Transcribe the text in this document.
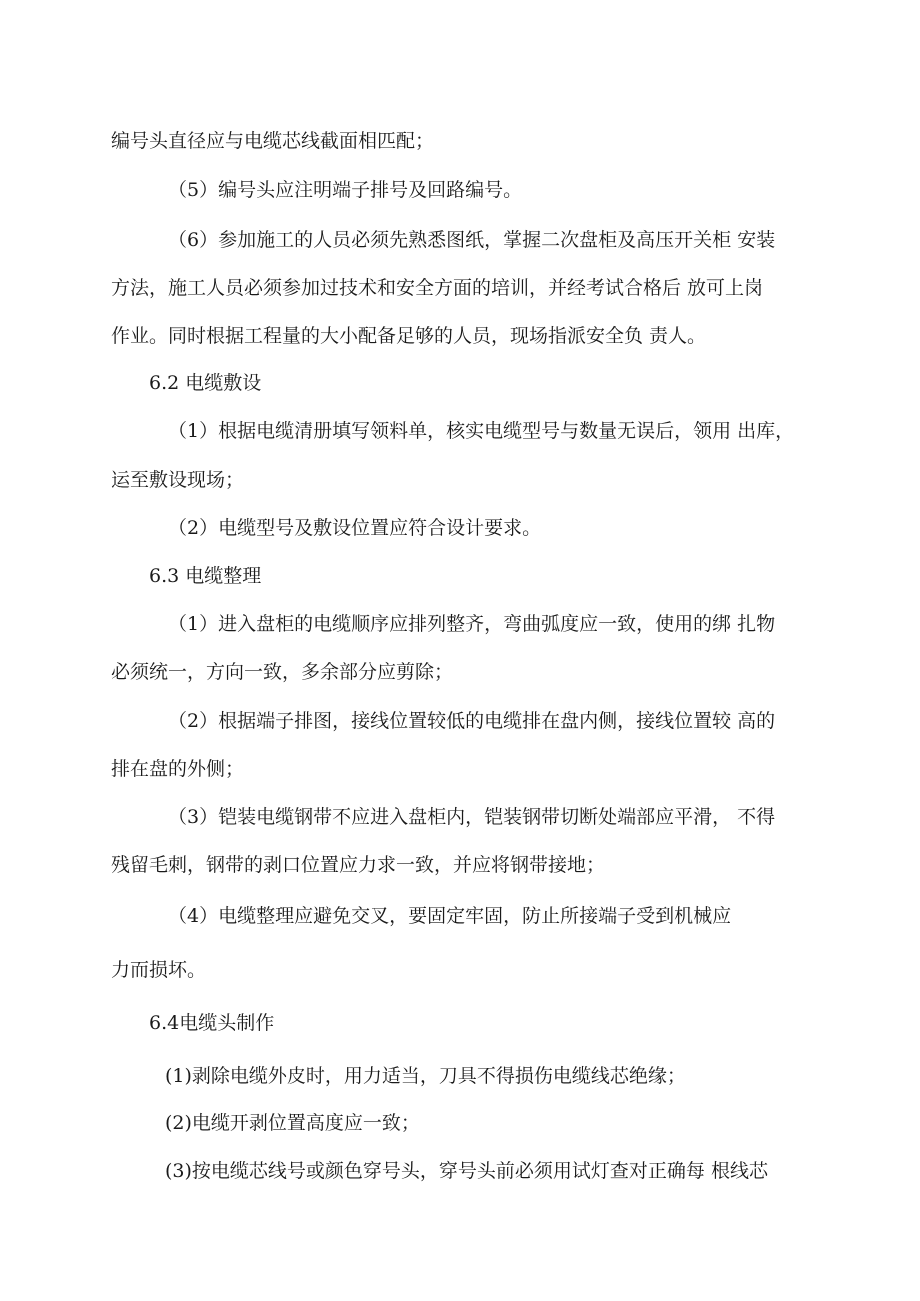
编号头直径应与电缆芯线截面相匹配；
（5）编号头应注明端子排号及回路编号。
（6）参加施工的人员必须先熟悉图纸，掌握二次盘柜及高压开关柜 安装
方法，施工人员必须参加过技术和安全方面的培训，并经考试合格后 放可上岗
作业。同时根据工程量的大小配备足够的人员，现场指派安全负 责人。
6.2 电缆敷设
（1）根据电缆清册填写领料单，核实电缆型号与数量无误后，领用 出库，
运至敷设现场；
（2）电缆型号及敷设位置应符合设计要求。
6.3 电缆整理
（1）进入盘柜的电缆顺序应排列整齐，弯曲弧度应一致，使用的绑 扎物
必须统一，方向一致，多余部分应剪除；
（2）根据端子排图，接线位置较低的电缆排在盘内侧，接线位置较 高的
排在盘的外侧；
（3）铠装电缆钢带不应进入盘柜内，铠装钢带切断处端部应平滑， 不得
残留毛刺，钢带的剥口位置应力求一致，并应将钢带接地；
（4）电缆整理应避免交叉，要固定牢固，防止所接端子受到机械应
力而损坏。
6.4电缆头制作
(1)剥除电缆外皮时，用力适当，刀具不得损伤电缆线芯绝缘；
(2)电缆开剥位置高度应一致；
(3)按电缆芯线号或颜色穿号头，穿号头前必须用试灯查对正确每 根线芯
